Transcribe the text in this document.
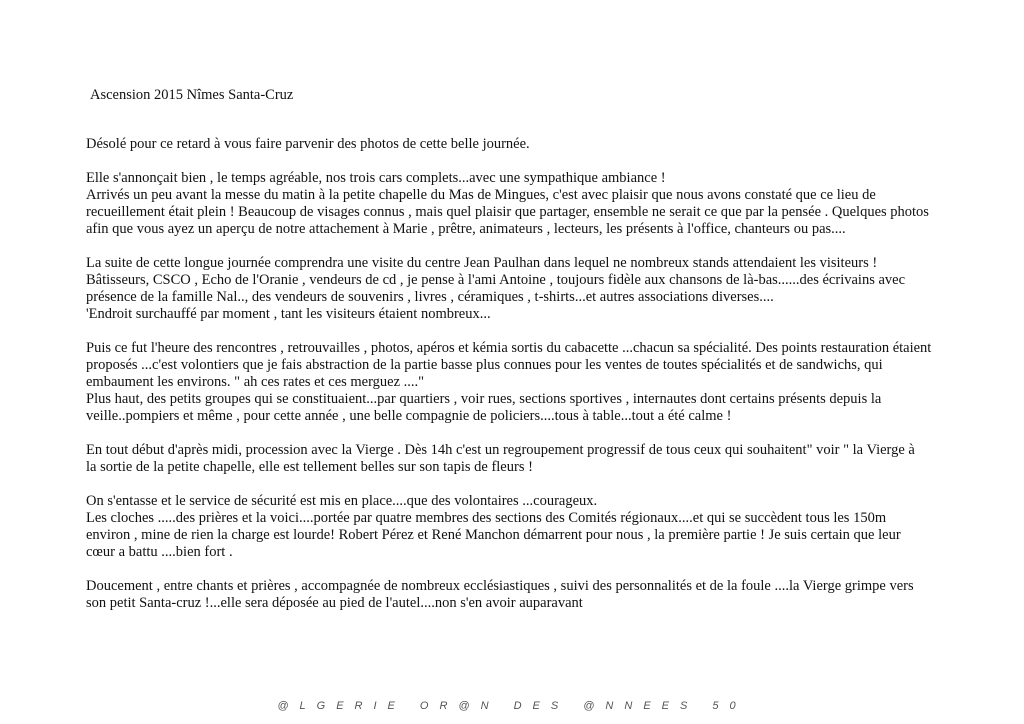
Ascension 2015 Nîmes Santa-Cruz

Désolé pour ce retard à vous faire parvenir des photos de cette belle journée.

Elle s'annonçait bien , le temps agréable, nos trois cars complets...avec une sympathique ambiance !
Arrivés un peu avant la messe du matin à la petite chapelle du Mas de Mingues, c'est avec plaisir que nous avons constaté que ce lieu de
recueillement était plein ! Beaucoup de visages connus , mais quel plaisir que partager, ensemble ne serait ce que par la pensée . Quelques photos
afin que vous ayez un aperçu de notre attachement à Marie , prêtre, animateurs , lecteurs, les présents à l'office, chanteurs ou pas....

La suite de cette longue journée comprendra une visite du centre Jean Paulhan dans lequel ne nombreux stands attendaient les visiteurs !
Bâtisseurs, CSCO , Echo de l'Oranie , vendeurs de cd , je pense à l'ami Antoine , toujours fidèle aux chansons de là-bas......des écrivains avec
présence de la famille Nal.., des vendeurs de souvenirs , livres , céramiques , t-shirts...et autres associations diverses....
'Endroit surchauffé par moment , tant les visiteurs étaient nombreux...

Puis ce fut l'heure des rencontres , retrouvailles , photos, apéros et kémia sortis du cabacette ...chacun sa spécialité. Des points restauration étaient
proposés ...c'est volontiers que je fais abstraction de la partie basse plus connues pour les ventes de toutes spécialités et de sandwichs, qui
embaument les environs. " ah ces rates et ces merguez ...."
Plus haut, des petits groupes qui se constituaient...par quartiers , voir rues, sections sportives , internautes dont certains présents depuis la
veille..pompiers et même , pour cette année , une belle compagnie de policiers....tous à table...tout a été calme !

En tout début d'après midi, procession avec la Vierge . Dès 14h c'est un regroupement progressif de tous ceux qui souhaitent" voir " la Vierge à
la sortie de la petite chapelle, elle est tellement belles sur son tapis de fleurs !

On s'entasse et le service de sécurité est mis en place....que des volontaires ...courageux.
Les cloches .....des prières et la voici....portée par quatre membres des sections des Comités régionaux....et qui se succèdent tous les 150m
environ , mine de rien la charge est lourde! Robert Pérez et René Manchon démarrent pour nous , la première partie ! Je suis certain que leur
cœur a battu ....bien fort .

Doucement , entre chants et prières , accompagnée de nombreux ecclésiastiques , suivi des personnalités et de la foule ....la Vierge grimpe vers
son petit Santa-cruz !...elle sera déposée au pied de l'autel....non s'en avoir auparavant

@LGERIE OR@N DES @NNEES 50
